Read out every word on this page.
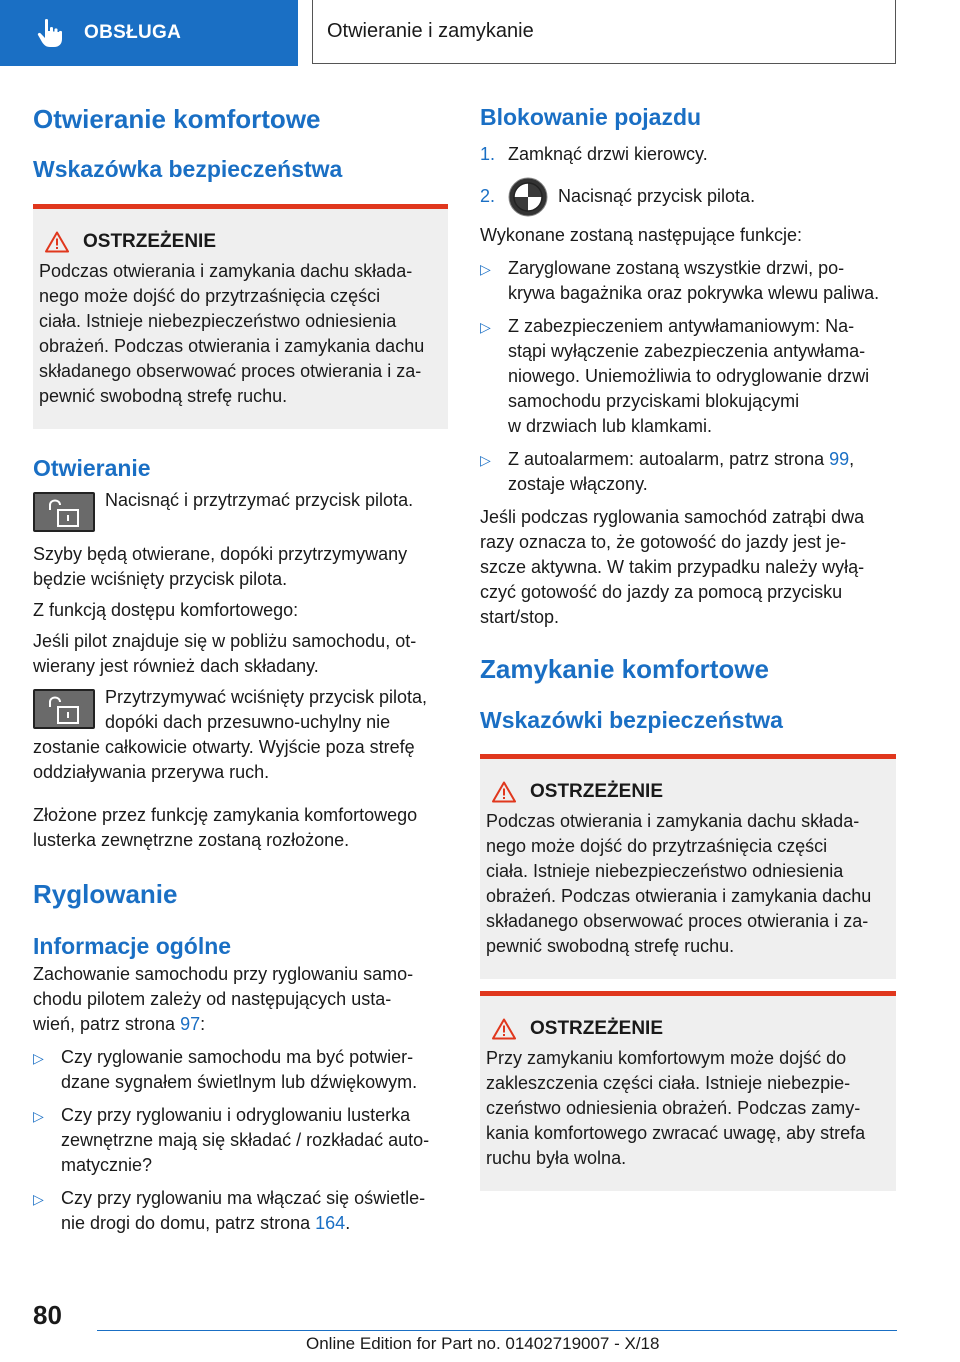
OBSŁUGA	Otwieranie i zamykanie
Otwieranie komfortowe
Wskazówka bezpieczeństwa
OSTRZEŻENIE

Podczas otwierania i zamykania dachu składa-
nego może dojść do przytrzaśnięcia części
ciała. Istnieje niebezpieczeństwo odniesienia
obrażeń. Podczas otwierania i zamykania dachu
składanego obserwować proces otwierania i za-
pewnić swobodną strefę ruchu.

Otwieranie

Nacisnąć i przytrzymać przycisk pilota.

Szyby będą otwierane, dopóki przytrzymywany
będzie wciśnięty przycisk pilota.

Z funkcją dostępu komfortowego:

Jeśli pilot znajduje się w pobliżu samochodu, ot-
wierany jest również dach składany.

Przytrzymywać wciśnięty przycisk pilota,
dopóki dach przesuwno-uchylny nie

zostanie całkowicie otwarty. Wyjście poza strefę
oddziaływania przerywa ruch.

Złożone przez funkcję zamykania komfortowego
lusterka zewnętrzne zostaną rozłożone.

Ryglowanie
Informacje ogólne

Zachowanie samochodu przy ryglowaniu samo-
chodu pilotem zależy od następujących usta-
wień, patrz strona 97:

▷ Czy ryglowanie samochodu ma być potwier-
dzane sygnałem świetlnym lub dźwiękowym.
▷ Czy przy ryglowaniu i odryglowaniu lusterka
zewnętrzne mają się składać / rozkładać auto-
matycznie?
▷ Czy przy ryglowaniu ma włączać się oświetle-
nie drogi do domu, patrz strona 164.
Blokowanie pojazdu
1. Zamknąć drzwi kierowcy.
2.	Nacisnąć przycisk pilota.

Wykonane zostaną następujące funkcje:

▷ Zaryglowane zostaną wszystkie drzwi, po-
krywa bagażnika oraz pokrywka wlewu paliwa.
▷ Z zabezpieczeniem antywłamaniowym: Na-
stąpi wyłączenie zabezpieczenia antywłama-
niowego. Uniemożliwia to odryglowanie drzwi
samochodu przyciskami blokującymi
w drzwiach lub klamkami.
▷ Z autoalarmem: autoalarm, patrz strona 99,
zostaje włączony.

Jeśli podczas ryglowania samochód zatrąbi dwa
razy oznacza to, że gotowość do jazdy jest je-
szcze aktywna. W takim przypadku należy wyłą-
czyć gotowość do jazdy za pomocą przycisku
start/stop.

Zamykanie komfortowe
Wskazówki bezpieczeństwa
OSTRZEŻENIE

Podczas otwierania i zamykania dachu składa-
nego może dojść do przytrzaśnięcia części
ciała. Istnieje niebezpieczeństwo odniesienia
obrażeń. Podczas otwierania i zamykania dachu
składanego obserwować proces otwierania i za-
pewnić swobodną strefę ruchu.

OSTRZEŻENIE

Przy zamykaniu komfortowym może dojść do
zakleszczenia części ciała. Istnieje niebezpie-
czeństwo odniesienia obrażeń. Podczas zamy-
kania komfortowego zwracać uwagę, aby strefa
ruchu była wolna.

80
Online Edition for Part no. 01402719007 - X/18
